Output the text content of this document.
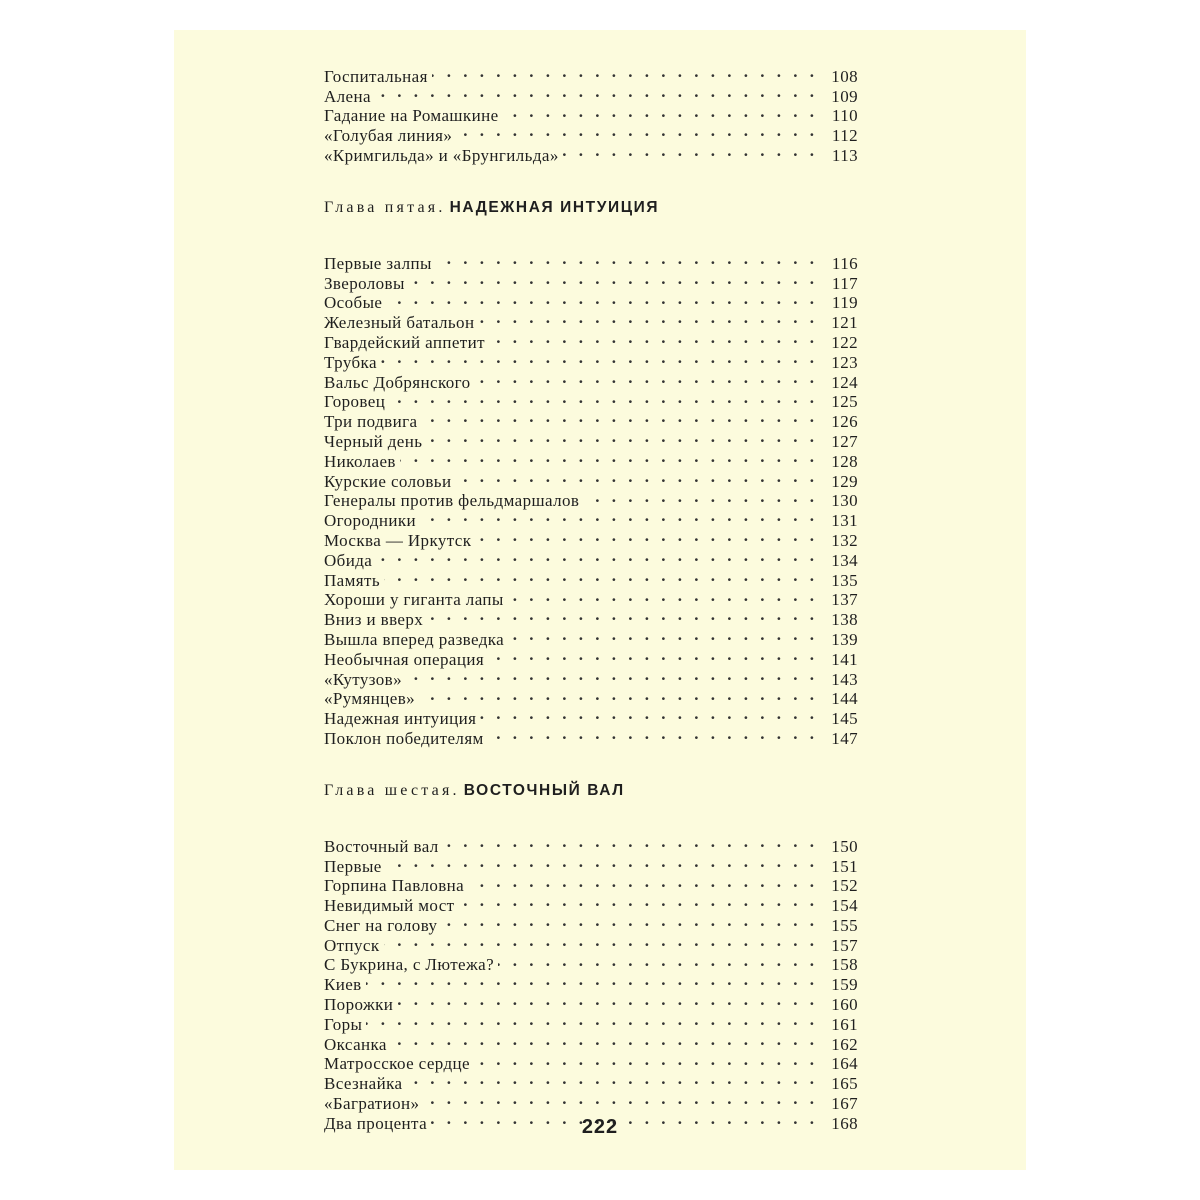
Госпитальная . . .	108
Алена . . .	109
Гадание на Ромашкине . . .	110
«Голубая линия» . . .	112
«Кримгильда» и «Брунгильда» . . .	113
Глава пятая. НАДЕЖНАЯ ИНТУИЦИЯ
Первые залпы . . .	116
Звероловы . . .	117
Особые . . .	119
Железный батальон . . .	121
Гвардейский аппетит . . .	122
Трубка . . .	123
Вальс Добрянского . . .	124
Горовец . . .	125
Три подвига . . .	126
Черный день . . .	127
Николаев . . .	128
Курские соловьи . . .	129
Генералы против фельдмаршалов . . .	130
Огородники . . .	131
Москва — Иркутск . . .	132
Обида . . .	134
Память . . .	135
Хороши у гиганта лапы . . .	137
Вниз и вверх . . .	138
Вышла вперед разведка . . .	139
Необычная операция . . .	141
«Кутузов» . . .	143
«Румянцев» . . .	144
Надежная интуиция . . .	145
Поклон победителям . . .	147
Глава шестая. ВОСТОЧНЫЙ ВАЛ
Восточный вал . . .	150
Первые . . .	151
Горпина Павловна . . .	152
Невидимый мост . . .	154
Снег на голову . . .	155
Отпуск . . .	157
С Букрина, с Лютежа? . . .	158
Киев . . .	159
Порожки . . .	160
Горы . . .	161
Оксанка . . .	162
Матросское сердце . . .	164
Всезнайка . . .	165
«Багратион» . . .	167
Два процента . . .	168
222
